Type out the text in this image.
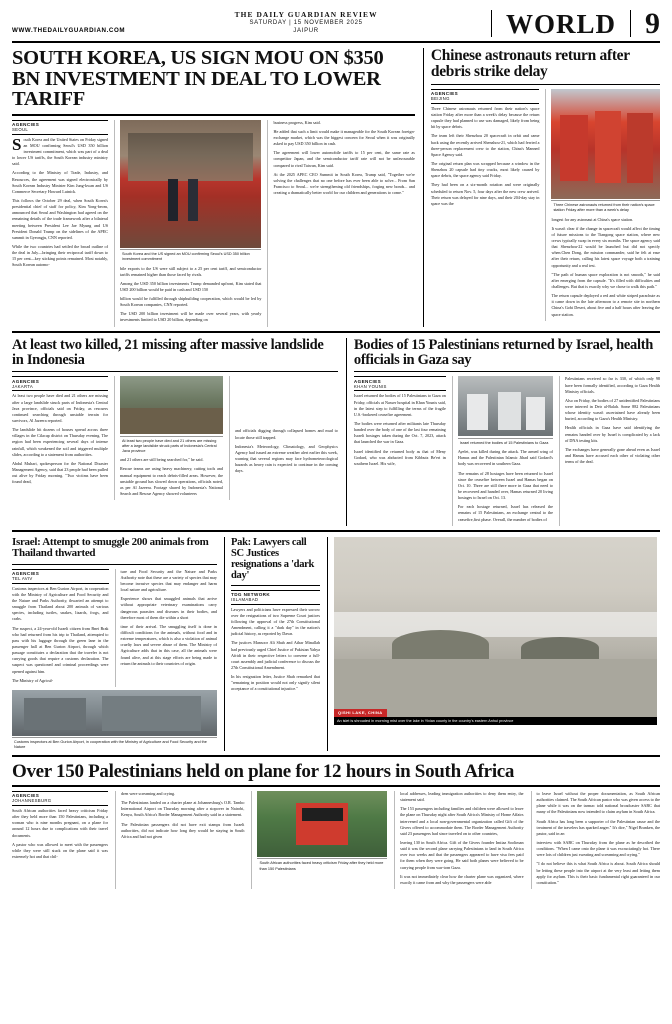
WWW.THEDAILYGUARDIAN.COM
THE DAILY GUARDIAN REVIEW
SATURDAY | 15 NOVEMBER 2025
JAIPUR	WORLD 9
SOUTH KOREA, US SIGN MOU ON $350 BN INVESTMENT IN DEAL TO LOWER TARIFF
AGENCIES
SEOUL

South Korea and the United States on Friday signed an MOU confirming Seoul's USD 350 billion investment commitment, which was part of a deal to lower US tariffs, the South Korean industry ministry said.

According to the Ministry of Trade, Industry, and Resources, the agreement was signed electronically by South Korean Industry Minister Kim Jung-kwan and US Commerce Secretary Howard Lutnick.

This follows the October 29 deal, when South Korea's presidential chief of staff for policy, Kim Yong-beom, announced that Seoul and Washington had agreed on the remaining details of the trade framework after a bilateral meeting between President Lee Jae Myung and US President Donald Trump on the sidelines of the APEC summit in Gyeongju, CNN reported.

While the two countries had settled the broad outline of the deal in July—bringing their reciprocal tariff down to 15 per cent—key sticking points remained. Most notably, South Korean automo-

South Korea and the US signed an MOU confirming Seoul's USD 350 billion investment commitment

bile exports to the US were still subject to a 25 per cent tariff, and semiconductor tariffs remained higher than those faced by rivals.

Among the USD 350 billion investments Trump demanded upfront, Kim stated that USD 200 billion would be paid in cash and USD 150

billion would be fulfilled through shipbuilding cooperation, which would be led by South Korean companies, CNN reported.

The USD 200 billion investment will be made over several years, with yearly investments limited to USD 20 billion, depending on

business progress, Kim said.

He added that such a limit would make it manageable for the South Korean foreign-exchange market, which was the biggest concern for Seoul when it was originally asked to pay USD 350 billion in cash.

The agreement will lower automobile tariffs to 15 per cent, the same rate as competitor Japan, and the semiconductor tariff rate will not be unfavourable compared to rival Taiwan, Kim said.

At the 2025 APEC CEO Summit in South Korea, Trump said, "Together we're solving the challenges that no one before has ever been able to solve... From San Francisco to Seoul... we're strengthening old friendships, forging new bonds... and creating a dramatically better world for our children and generations to come."

Chinese astronauts return after debris strike delay
AGENCIES
BEIJING

Three Chinese astronauts returned from their nation's space station Friday after more than a week's delay because the return capsule they had planned to use was damaged, likely from being hit by space debris.

The team left their Shenzhou 20 spacecraft in orbit and came back using the recently arrived Shenzhou-21, which had ferried a three-person replacement crew to the station, China's Manned Space Agency said.

The original return plan was scrapped because a window in the Shenzhou 20 capsule had tiny cracks, most likely caused by space debris, the space agency said Friday.

They had been on a six-month rotation and were originally scheduled to return Nov. 5, four days after the new crew arrived. Their return was delayed for nine days, and their 204-day stay in space was the	Three Chinese astronauts returned from their nation's space station Friday after more than a week's delay

longest for any astronaut at China's space station.

It wasn't clear if the change in spacecraft would affect the timing of future missions to the Tiangong space station, where new crews typically swap in every six months. The space agency said that Shenzhou-22 would be launched but did not specify when.Chen Dong, the mission commander, said he felt at ease after their return, calling his latest space voyage both a training opportunity and a real test.

"The path of human space exploration is not smooth," he said after emerging from the capsule. "It's filled with difficulties and challenges. But that is exactly why we chose to walk this path."

The return capsule deployed a red and white striped parachute as it came down in the late afternoon to a remote site in northern China's Gobi Desert, about five and a half hours after leaving the space station.

At least two killed, 21 missing after massive landslide in Indonesia
AGENCIES
JAKARTA

At least two people have died and 21 others are missing after a large landslide struck parts of Indonesia's Central Java province, officials said on Friday, as rescuers continued searching through unstable terrain for survivors, Al Jazeera reported.

The landslide hit dozens of houses spread across three villages in the Cilacap district on Thursday evening. The region had been experiencing several days of intense rainfall, which weakened the soil and triggered multiple slides, according to a statement from authorities.

Abdul Muhari, spokesperson for the National Disaster Management Agency, said that 23 people had been pulled out alive by Friday morning. "Two victims have been found dead,

At least two people have died and 21 others are missing after a large landslide struck parts of Indonesia's Central Java province

and 21 others are still being searched for," he said.

Rescue teams are using heavy machinery, cutting tools and manual equipment to reach debris-filled areas. However, the unstable ground has slowed down operations, officials noted, as per Al Jazeera. Footage shared by Indonesia's National Search and Rescue Agency showed volunteers

and officials digging through collapsed homes and mud to locate those still trapped.

Indonesia's Meteorology, Climatology, and Geophysics Agency had issued an extreme weather alert earlier this week, warning that several regions may face hydrometeorological hazards as heavy rain is expected to continue in the coming days.

Bodies of 15 Palestinians returned by Israel, health officials in Gaza say
AGENCIES
KHAN YOUNIS

Israel returned the bodies of 15 Palestinians to Gaza on Friday, officials at Nasser hospital in Khan Younis said, in the latest step to fulfilling the terms of the fragile U.S.-brokered ceasefire agreement.

The bodies were returned after militants late Thursday handed over the body of one of the last four remaining Israeli hostages taken during the Oct. 7, 2023, attack that launched the war in Gaza.

Israel identified the returned body as that of Meny Godard, who was abducted from Kibbutz Be'eri in southern Israel. His wife,

Israel returned the bodies of 15 Palestinians to Gaza

Ayelet, was killed during the attack. The armed wing of Hamas and the Palestinian Islamic Jihad said Godard's body was recovered in southern Gaza.

The remains of 28 hostages have been returned to Israel since the ceasefire between Israel and Hamas began on Oct. 10. Three are still there more in Gaza that need to be recovered and handed over, Hamas returned 20 living hostages to Israel on Oct. 13.

For each hostage returned, Israel has released the remains of 15 Palestinians, an exchange central to the ceasefire,first phase. Overall, the number of bodies of

Palestinians received so far is 330, of which only 98 have been formally identified, according to Gaza Health Ministry officials.

Also on Friday, the bodies of 27 unidentified Palestinians were interred in Deir al-Balah. Some 882 Palestinians whose identity wasn't ascertained have already been buried, according to Gaza's Health Ministry.

Health officials in Gaza have said identifying the remains handed over by Israel is complicated by a lack of DNA testing kits.

The exchanges have generally gone ahead even as Israel and Hamas have accused each other of violating other terms of the deal.

Israel: Attempt to smuggle 200 animals from Thailand thwarted
AGENCIES
TEL AVIV

Customs inspectors at Ben Gurion Airport, in cooperation with the Ministry of Agriculture and Food Security and the Nature and Parks Authority, thwarted an attempt to smuggle from Thailand about 200 animals of various species, including turtles, snakes, lizards, frogs, and crabs.

The suspect, a 24-year-old Israeli citizen from Bnei Brak who had returned from his trip to Thailand, attempted to pass with his luggage through the green lane in the passenger hall at Ben Gurion Airport, through which passage constitutes a declaration that the traveler is not carrying goods that require a customs declaration. The suspect was questioned and criminal proceedings were opened against him.

The Ministry of Agricul-

ture and Food Security and the Nature and Parks Authority note that these are a variety of species that may become invasive species that may endanger and harm local nature and agriculture.

Experience shows that smuggled animals that arrive without appropriate veterinary examinations carry dangerous parasites and diseases in their bodies, and therefore most of them die within a short

time of their arrival. The smuggling itself is done in difficult conditions for the animals, without food and in extreme temperatures, which is also a violation of animal cruelty laws and severe abuse of them. The Ministry of Agriculture adds that in this case, all the animals were found alive, and at this stage efforts are being made to return the animals to their countries of origin.

Customs inspectors at Ben Gurion Airport, in cooperation with the Ministry of Agriculture and Food Security and the Nature
Pak: Lawyers call SC Justices resignations a 'dark day'
TDG NETWORK
ISLAMABAD

Lawyers and politicians have expressed their sorrow over the resignations of two Supreme Court justices following the approval of the 27th Constitutional Amendment, calling it a "dark day" in the nation's judicial history, as reported by Dawn.

The justices Mansoor Ali Shah and Athar Minallah had previously urged Chief Justice of Pakistan Yahya Afridi in their respective letters to convene a full-court assembly and judicial conference to discuss the 27th Constitutional Amendment.

In his resignation letter, Justice Shah remarked that "remaining in position would not only signify silent acceptance of a constitutional injustice."

QISHI LAKE, CHINA
An islet is shrouded in morning mist over the lake in Yixian county in the country's eastern Anhui province
Over 150 Palestinians held on plane for 12 hours in South Africa
AGENCIES
JOHANNESBURG

South African authorities faced heavy criticism Friday after they held more than 150 Palestinians, including a woman who is nine months pregnant, on a plane for around 12 hours due to complications with their travel documents.

A pastor who was allowed to meet with the passengers while they were still stuck on the plane said it was extremely hot and that chil-

dren were screaming and crying.

The Palestinians landed on a charter plane at Johannesburg's O.R. Tambo International Airport on Thursday morning after a stopover in Nairobi, Kenya, South Africa's Border Management Authority said in a statement.

The Palestinian passengers did not have exit stamps from Israeli authorities, did not indicate how long they would be staying in South Africa and had not given

South African authorities faced heavy criticism Friday after they held more than 150 Palestinians

local addresses, leading immigration authorities to deny them entry, the statement said.

The 153 passengers including families and children were allowed to leave the plane on Thursday night after South Africa's Ministry of Home Affairs intervened and a local non-governmental organization called Gift of the Givers offered to accommodate them. The Border Management Authority said 23 passengers had since traveled on to other countries,

leaving 130 in South Africa. Gift of the Givers founder Imtiaz Sooliman said it was the second plane carrying Palestinians to land in South Africa over two weeks and that the passengers appeared to have visa fees paid for them when they were going. He said both planes were believed to be carrying people from war-torn Gaza.

It was not immediately clear how the charter plane was organized, where exactly it came from and why the passengers were able

to leave Israel without the proper documentation, as South African authorities claimed. The South African pastor who was given access to the plane while it was on the tarmac told national broadcaster SABC that many of the Palestinians now intended to claim asylum in South Africa.

South Africa has long been a supporter of the Palestinian cause and the treatment of the travelers has sparked anger." It's dire," Nigel Branken, the pastor, said in an

interview with SABC on Thursday from the plane as he described the conditions. "When I came onto the plane it was excruciatingly hot. There were lots of children just sweating and screaming and crying."

"I do not believe this is what South Africa is about. South Africa should be letting these people into the airport at the very least and letting them apply for asylum. This is their basic fundamental right guaranteed in our constitution."
